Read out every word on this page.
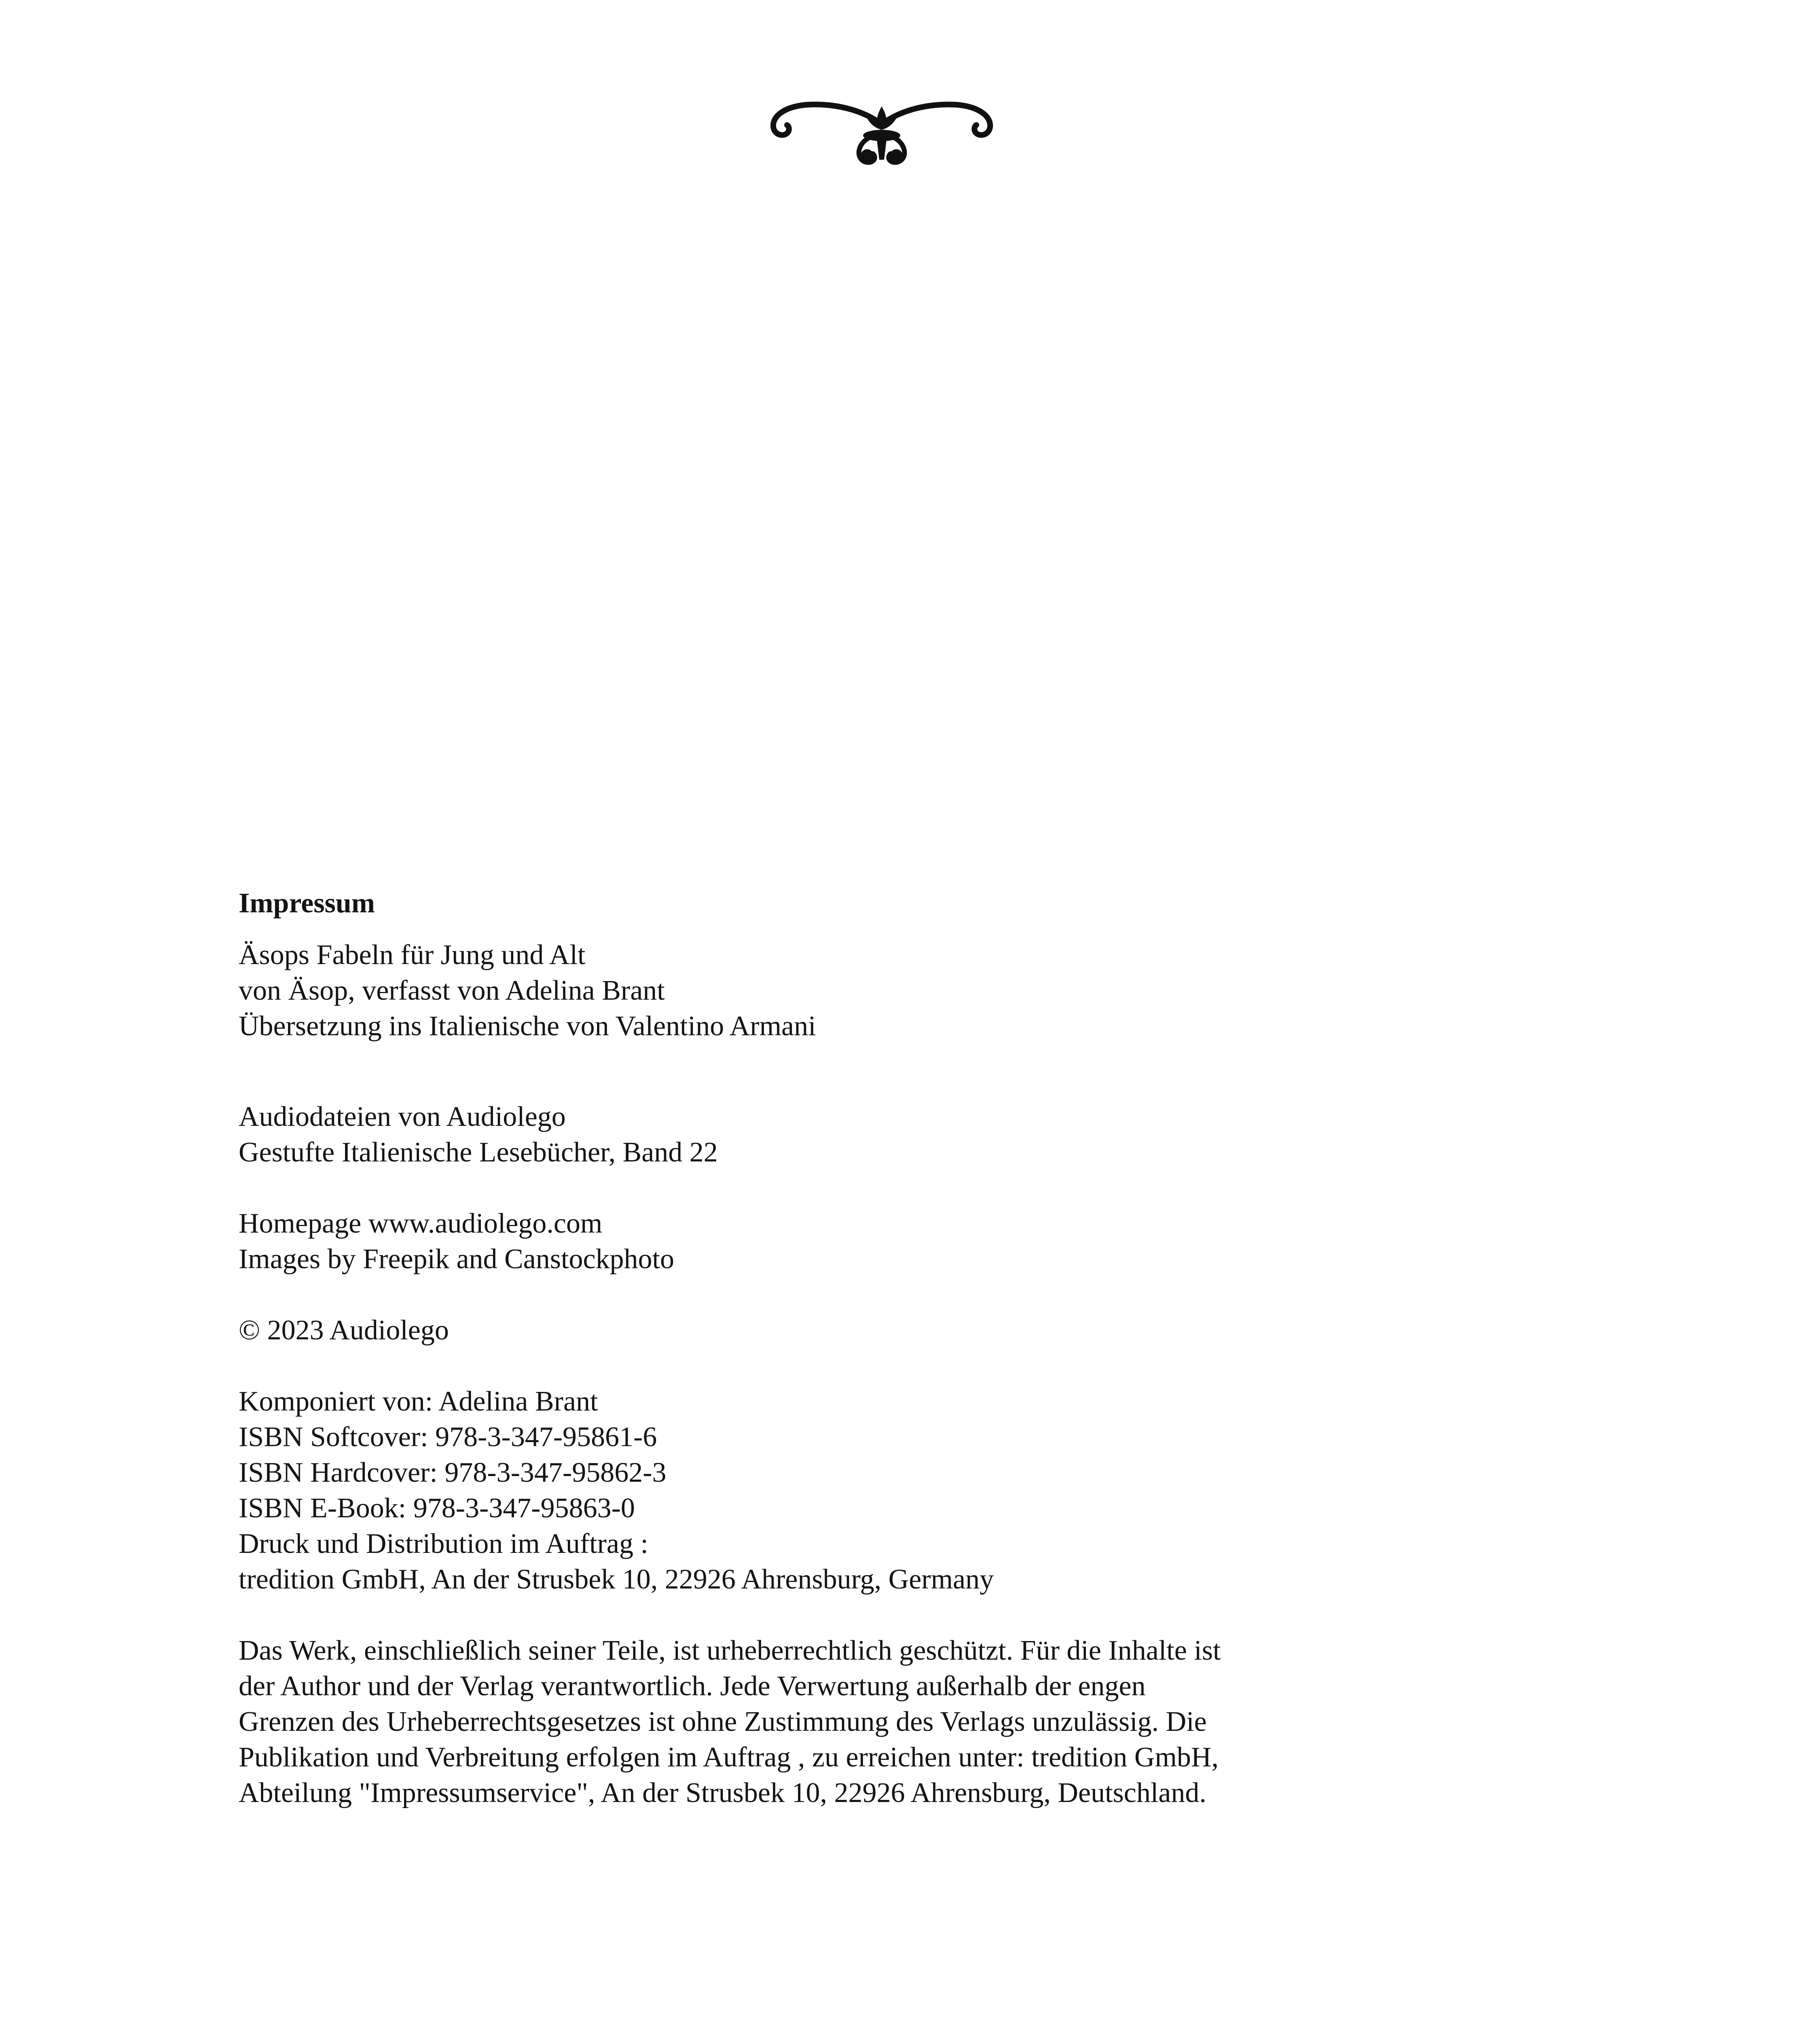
Impressum

Äsops Fabeln für Jung und Alt
von Äsop, verfasst von Adelina Brant
Übersetzung ins Italienische von Valentino Armani
Audiodateien von Audiolego
Gestufte Italienische Lesebücher, Band 22
Homepage www.audiolego.com
Images by Freepik and Canstockphoto
© 2023 Audiolego
Komponiert von: Adelina Brant
ISBN Softcover: 978-3-347-95861-6
ISBN Hardcover: 978-3-347-95862-3
ISBN E-Book: 978-3-347-95863-0
Druck und Distribution im Auftrag :
tredition GmbH, An der Strusbek 10, 22926 Ahrensburg, Germany
Das Werk, einschließlich seiner Teile, ist urheberrechtlich geschützt. Für die Inhalte ist
der Author und der Verlag verantwortlich. Jede Verwertung außerhalb der engen
Grenzen des Urheberrechtsgesetzes ist ohne Zustimmung des Verlags unzulässig. Die
Publikation und Verbreitung erfolgen im Auftrag , zu erreichen unter: tredition GmbH,
Abteilung "Impressumservice", An der Strusbek 10, 22926 Ahrensburg, Deutschland.
